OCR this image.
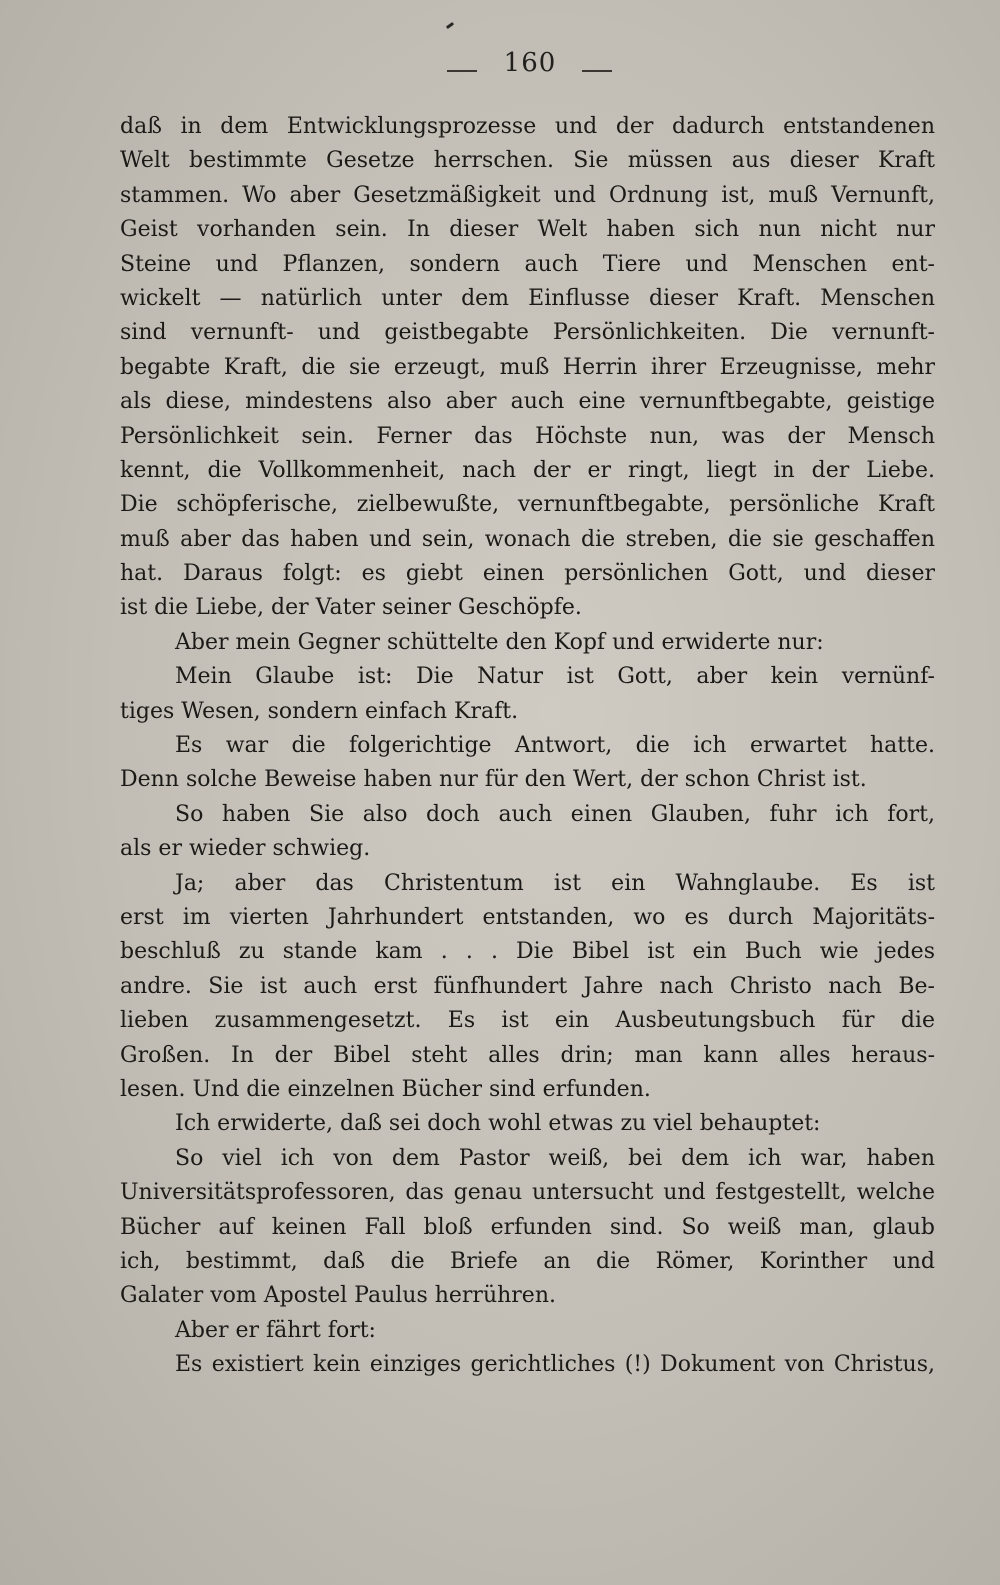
160
daß in dem Entwicklungsprozesse und der dadurch entstandenen
Welt bestimmte Gesetze herrschen. Sie müssen aus dieser Kraft
stammen. Wo aber Gesetzmäßigkeit und Ordnung ist, muß Vernunft,
Geist vorhanden sein. In dieser Welt haben sich nun nicht nur
Steine und Pflanzen, sondern auch Tiere und Menschen ent-
wickelt — natürlich unter dem Einflusse dieser Kraft. Menschen
sind vernunft- und geistbegabte Persönlichkeiten. Die vernunft-
begabte Kraft, die sie erzeugt, muß Herrin ihrer Erzeugnisse, mehr
als diese, mindestens also aber auch eine vernunftbegabte, geistige
Persönlichkeit sein. Ferner das Höchste nun, was der Mensch
kennt, die Vollkommenheit, nach der er ringt, liegt in der Liebe.
Die schöpferische, zielbewußte, vernunftbegabte, persönliche Kraft
muß aber das haben und sein, wonach die streben, die sie geschaffen
hat. Daraus folgt: es giebt einen persönlichen Gott, und dieser
ist die Liebe, der Vater seiner Geschöpfe.
Aber mein Gegner schüttelte den Kopf und erwiderte nur:
Mein Glaube ist: Die Natur ist Gott, aber kein vernünf-
tiges Wesen, sondern einfach Kraft.
Es war die folgerichtige Antwort, die ich erwartet hatte.
Denn solche Beweise haben nur für den Wert, der schon Christ ist.
So haben Sie also doch auch einen Glauben, fuhr ich fort,
als er wieder schwieg.
Ja; aber das Christentum ist ein Wahnglaube. Es ist
erst im vierten Jahrhundert entstanden, wo es durch Majoritäts-
beschluß zu stande kam . . . Die Bibel ist ein Buch wie jedes
andre. Sie ist auch erst fünfhundert Jahre nach Christo nach Be-
lieben zusammengesetzt. Es ist ein Ausbeutungsbuch für die
Großen. In der Bibel steht alles drin; man kann alles heraus-
lesen. Und die einzelnen Bücher sind erfunden.
Ich erwiderte, daß sei doch wohl etwas zu viel behauptet:
So viel ich von dem Pastor weiß, bei dem ich war, haben
Universitätsprofessoren, das genau untersucht und festgestellt, welche
Bücher auf keinen Fall bloß erfunden sind. So weiß man, glaub
ich, bestimmt, daß die Briefe an die Römer, Korinther und
Galater vom Apostel Paulus herrühren.
Aber er fährt fort:
Es existiert kein einziges gerichtliches (!) Dokument von Christus,
